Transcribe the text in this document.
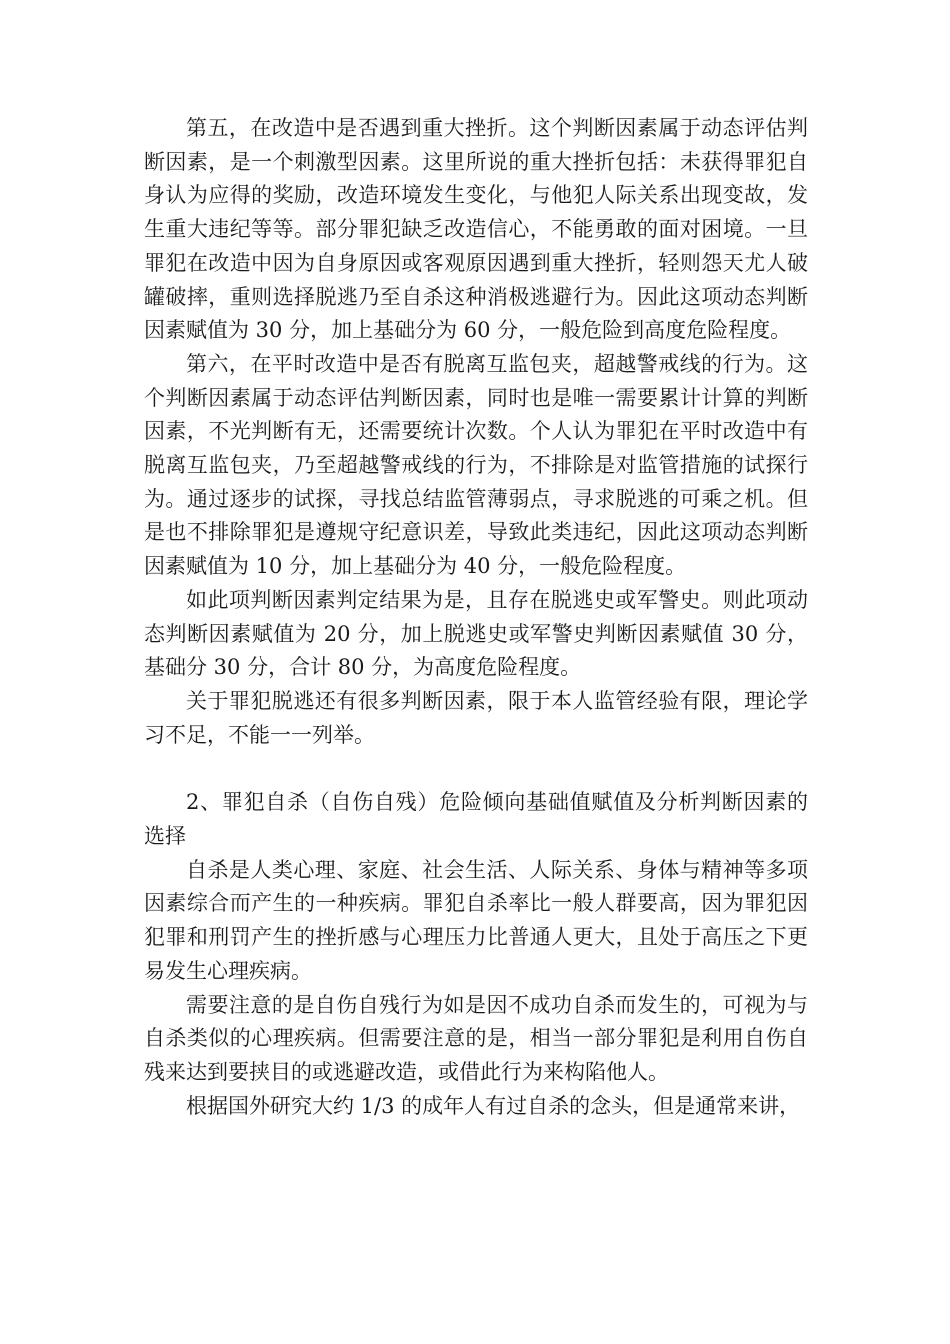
第五，在改造中是否遇到重大挫折。这个判断因素属于动态评估判断因素，是一个刺激型因素。这里所说的重大挫折包括：未获得罪犯自身认为应得的奖励，改造环境发生变化，与他犯人际关系出现变故，发生重大违纪等等。部分罪犯缺乏改造信心，不能勇敢的面对困境。一旦罪犯在改造中因为自身原因或客观原因遇到重大挫折，轻则怨天尤人破罐破摔，重则选择脱逃乃至自杀这种消极逃避行为。因此这项动态判断因素赋值为 30 分，加上基础分为 60 分，一般危险到高度危险程度。

第六，在平时改造中是否有脱离互监包夹，超越警戒线的行为。这个判断因素属于动态评估判断因素，同时也是唯一需要累计计算的判断因素，不光判断有无，还需要统计次数。个人认为罪犯在平时改造中有脱离互监包夹，乃至超越警戒线的行为，不排除是对监管措施的试探行为。通过逐步的试探，寻找总结监管薄弱点，寻求脱逃的可乘之机。但是也不排除罪犯是遵规守纪意识差，导致此类违纪，因此这项动态判断因素赋值为 10 分，加上基础分为 40 分，一般危险程度。

如此项判断因素判定结果为是，且存在脱逃史或军警史。则此项动态判断因素赋值为 20 分，加上脱逃史或军警史判断因素赋值 30 分，基础分 30 分，合计 80 分，为高度危险程度。

关于罪犯脱逃还有很多判断因素，限于本人监管经验有限，理论学习不足，不能一一列举。

2、罪犯自杀（自伤自残）危险倾向基础值赋值及分析判断因素的选择

自杀是人类心理、家庭、社会生活、人际关系、身体与精神等多项因素综合而产生的一种疾病。罪犯自杀率比一般人群要高，因为罪犯因犯罪和刑罚产生的挫折感与心理压力比普通人更大，且处于高压之下更易发生心理疾病。

需要注意的是自伤自残行为如是因不成功自杀而发生的，可视为与自杀类似的心理疾病。但需要注意的是，相当一部分罪犯是利用自伤自残来达到要挟目的或逃避改造，或借此行为来构陷他人。

根据国外研究大约 1/3 的成年人有过自杀的念头，但是通常来讲，
